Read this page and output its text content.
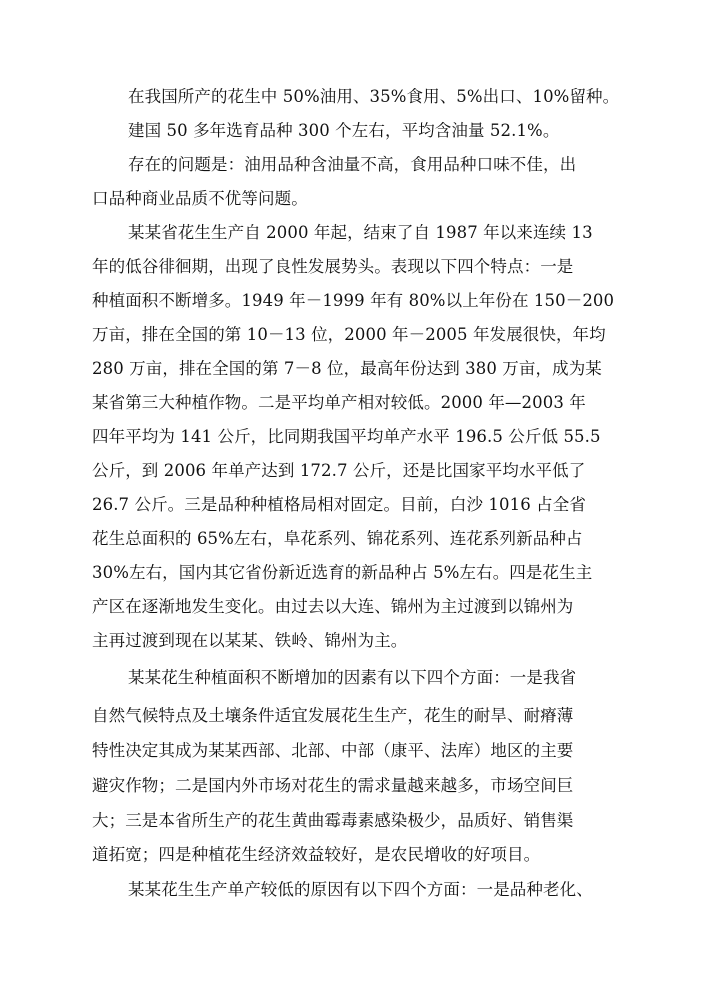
在我国所产的花生中 50%油用、35%食用、5%出口、10%留种。
建国 50 多年选育品种 300 个左右，平均含油量 52.1%。
存在的问题是：油用品种含油量不高，食用品种口味不佳，出
口品种商业品质不优等问题。
某某省花生生产自 2000 年起，结束了自 1987 年以来连续 13
年的低谷徘徊期，出现了良性发展势头。表现以下四个特点：一是
种植面积不断增多。1949 年－1999 年有 80%以上年份在 150－200
万亩，排在全国的第 10－13 位，2000 年－2005 年发展很快，年均
280 万亩，排在全国的第 7－8 位，最高年份达到 380 万亩，成为某
某省第三大种植作物。二是平均单产相对较低。2000 年—2003 年
四年平均为 141 公斤，比同期我国平均单产水平 196.5 公斤低 55.5
公斤，到 2006 年单产达到 172.7 公斤，还是比国家平均水平低了
26.7 公斤。三是品种种植格局相对固定。目前，白沙 1016 占全省
花生总面积的 65%左右，阜花系列、锦花系列、连花系列新品种占
30%左右，国内其它省份新近选育的新品种占 5%左右。四是花生主
产区在逐渐地发生变化。由过去以大连、锦州为主过渡到以锦州为
主再过渡到现在以某某、铁岭、锦州为主。
某某花生种植面积不断增加的因素有以下四个方面：一是我省
自然气候特点及土壤条件适宜发展花生生产，花生的耐旱、耐瘠薄
特性决定其成为某某西部、北部、中部（康平、法库）地区的主要
避灾作物；二是国内外市场对花生的需求量越来越多，市场空间巨
大；三是本省所生产的花生黄曲霉毒素感染极少，品质好、销售渠
道拓宽；四是种植花生经济效益较好，是农民增收的好项目。
某某花生生产单产较低的原因有以下四个方面：一是品种老化、
